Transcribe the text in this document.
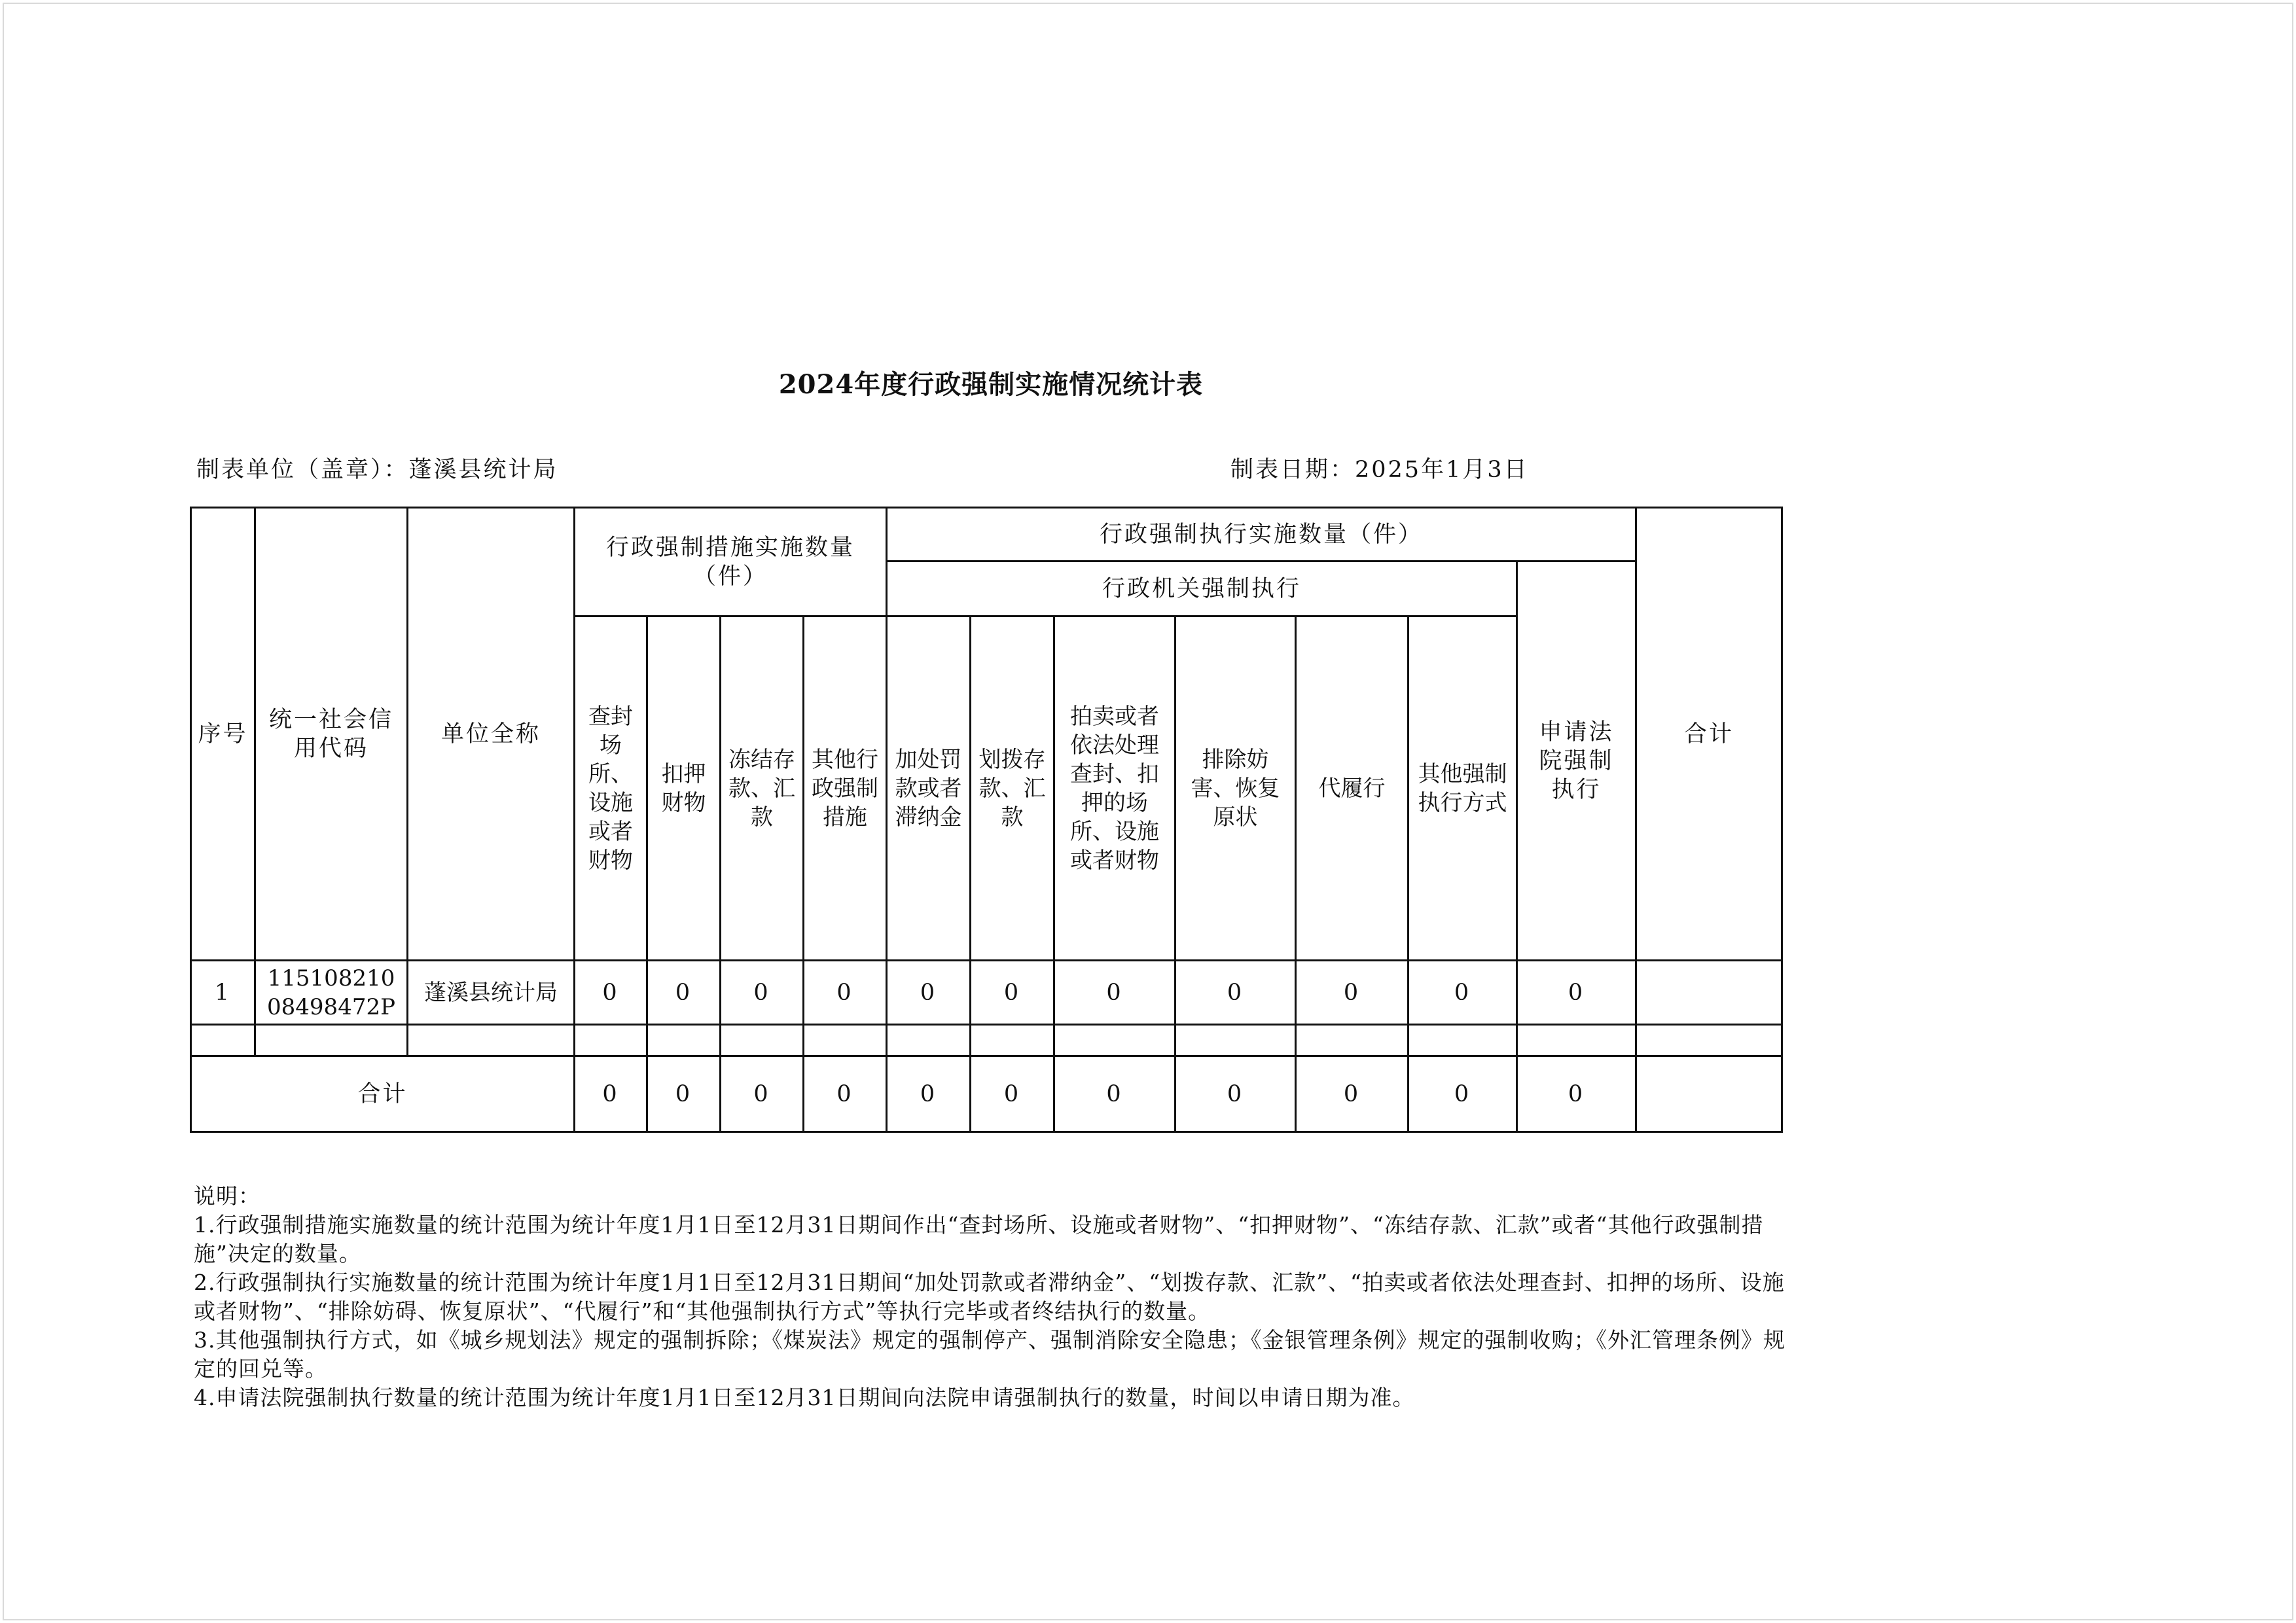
2024年度行政强制实施情况统计表
制表单位（盖章）：蓬溪县统计局	制表日期：2025年1月3日
序号	统一社会信用代码	单位全称	行政强制措施实施数量（件）				行政强制执行实施数量（件）							合计
							行政机关强制执行						申请法院强制执行	
			查封场所、设施或者财物	扣押财物	冻结存款、汇款	其他行政强制措施	加处罚款或者滞纳金	划拨存款、汇款	拍卖或者依法处理查封、扣押的场所、设施或者财物	排除妨害、恢复原状	代履行	其他强制执行方式		
1	11510821008498472P	蓬溪县统计局	0	0	0	0	0	0	0	0	0	0	0	

合计			0	0	0	0	0	0	0	0	0	0	0	

说明：

1.行政强制措施实施数量的统计范围为统计年度1月1日至12月31日期间作出“查封场所、设施或者财物”、“扣押财物”、“冻结存款、汇款”或者“其他行政强制措施”决定的数量。

2.行政强制执行实施数量的统计范围为统计年度1月1日至12月31日期间“加处罚款或者滞纳金”、“划拨存款、汇款”、“拍卖或者依法处理查封、扣押的场所、设施或者财物”、“排除妨碍、恢复原状”、“代履行”和“其他强制执行方式”等执行完毕或者终结执行的数量。

3.其他强制执行方式，如《城乡规划法》规定的强制拆除；《煤炭法》规定的强制停产、强制消除安全隐患；《金银管理条例》规定的强制收购；《外汇管理条例》规定的回兑等。

4.申请法院强制执行数量的统计范围为统计年度1月1日至12月31日期间向法院申请强制执行的数量，时间以申请日期为准。
